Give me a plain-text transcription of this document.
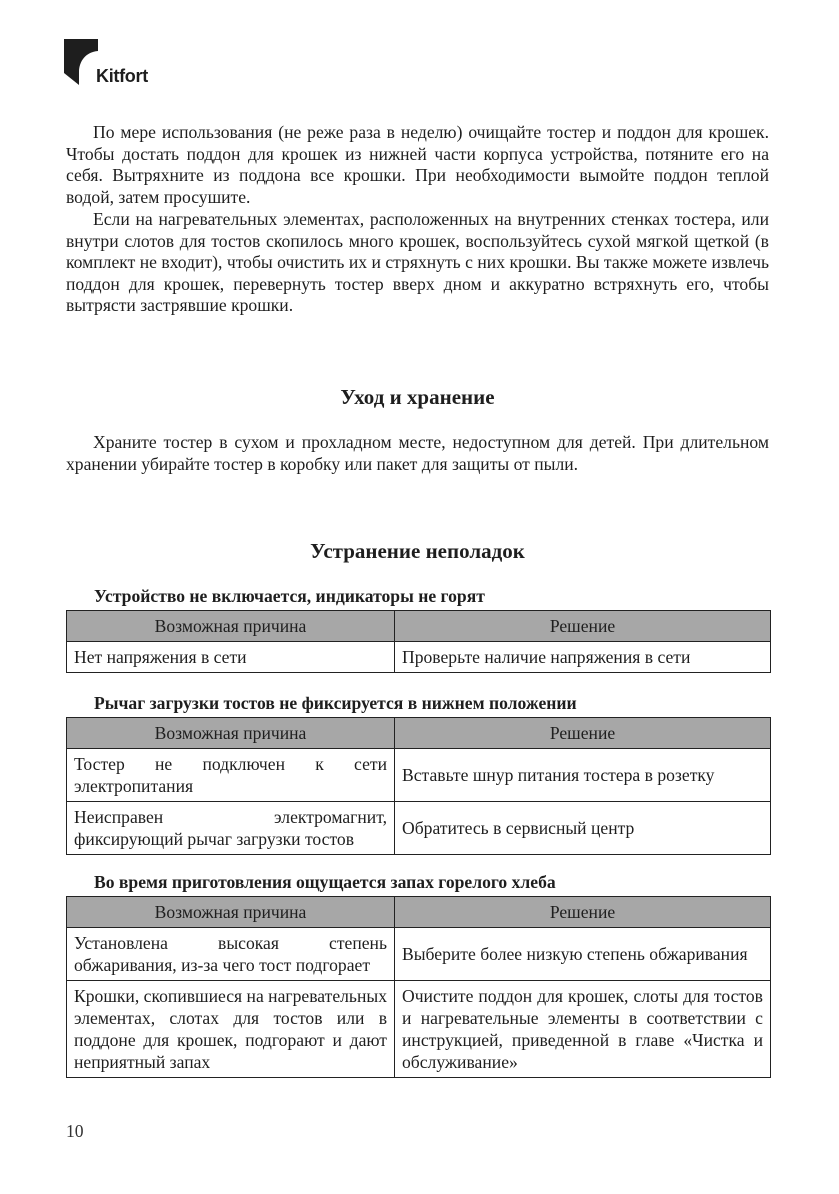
Kitfort

По мере использования (не реже раза в неделю) очищайте тостер и поддон для крошек. Чтобы достать поддон для крошек из нижней части корпуса устройства, потяните его на себя. Вытряхните из поддона все крошки. При необходимости вымойте поддон теплой водой, затем просушите.

Если на нагревательных элементах, расположенных на внутренних стенках тостера, или внутри слотов для тостов скопилось много крошек, воспользуйтесь сухой мягкой щеткой (в комплект не входит), чтобы очистить их и стряхнуть с них крошки. Вы также можете извлечь поддон для крошек, перевернуть тостер вверх дном и аккуратно встряхнуть его, чтобы вытрясти застрявшие крошки.

Уход и хранение

Храните тостер в сухом и прохладном месте, недоступном для детей. При длительном хранении убирайте тостер в коробку или пакет для защиты от пыли.

Устранение неполадок
Устройство не включается, индикаторы не горят
Возможная причина	Решение
Нет напряжения в сети	Проверьте наличие напряжения в сети
Рычаг загрузки тостов не фиксируется в нижнем положении
Возможная причина	Решение
Тостер не подключен к сети электропитания	Вставьте шнур питания тостера в розетку
Неисправен электромагнит, фиксирующий рычаг загрузки тостов	Обратитесь в сервисный центр
Во время приготовления ощущается запах горелого хлеба
Возможная причина	Решение
Установлена высокая степень обжаривания, из-за чего тост подгорает	Выберите более низкую степень обжаривания
Крошки, скопившиеся на нагревательных элементах, слотах для тостов или в поддоне для крошек, подгорают и дают неприятный запах	Очистите поддон для крошек, слоты для тостов и нагревательные элементы в соответствии с инструкцией, приведенной в главе «Чистка и обслуживание»
10
